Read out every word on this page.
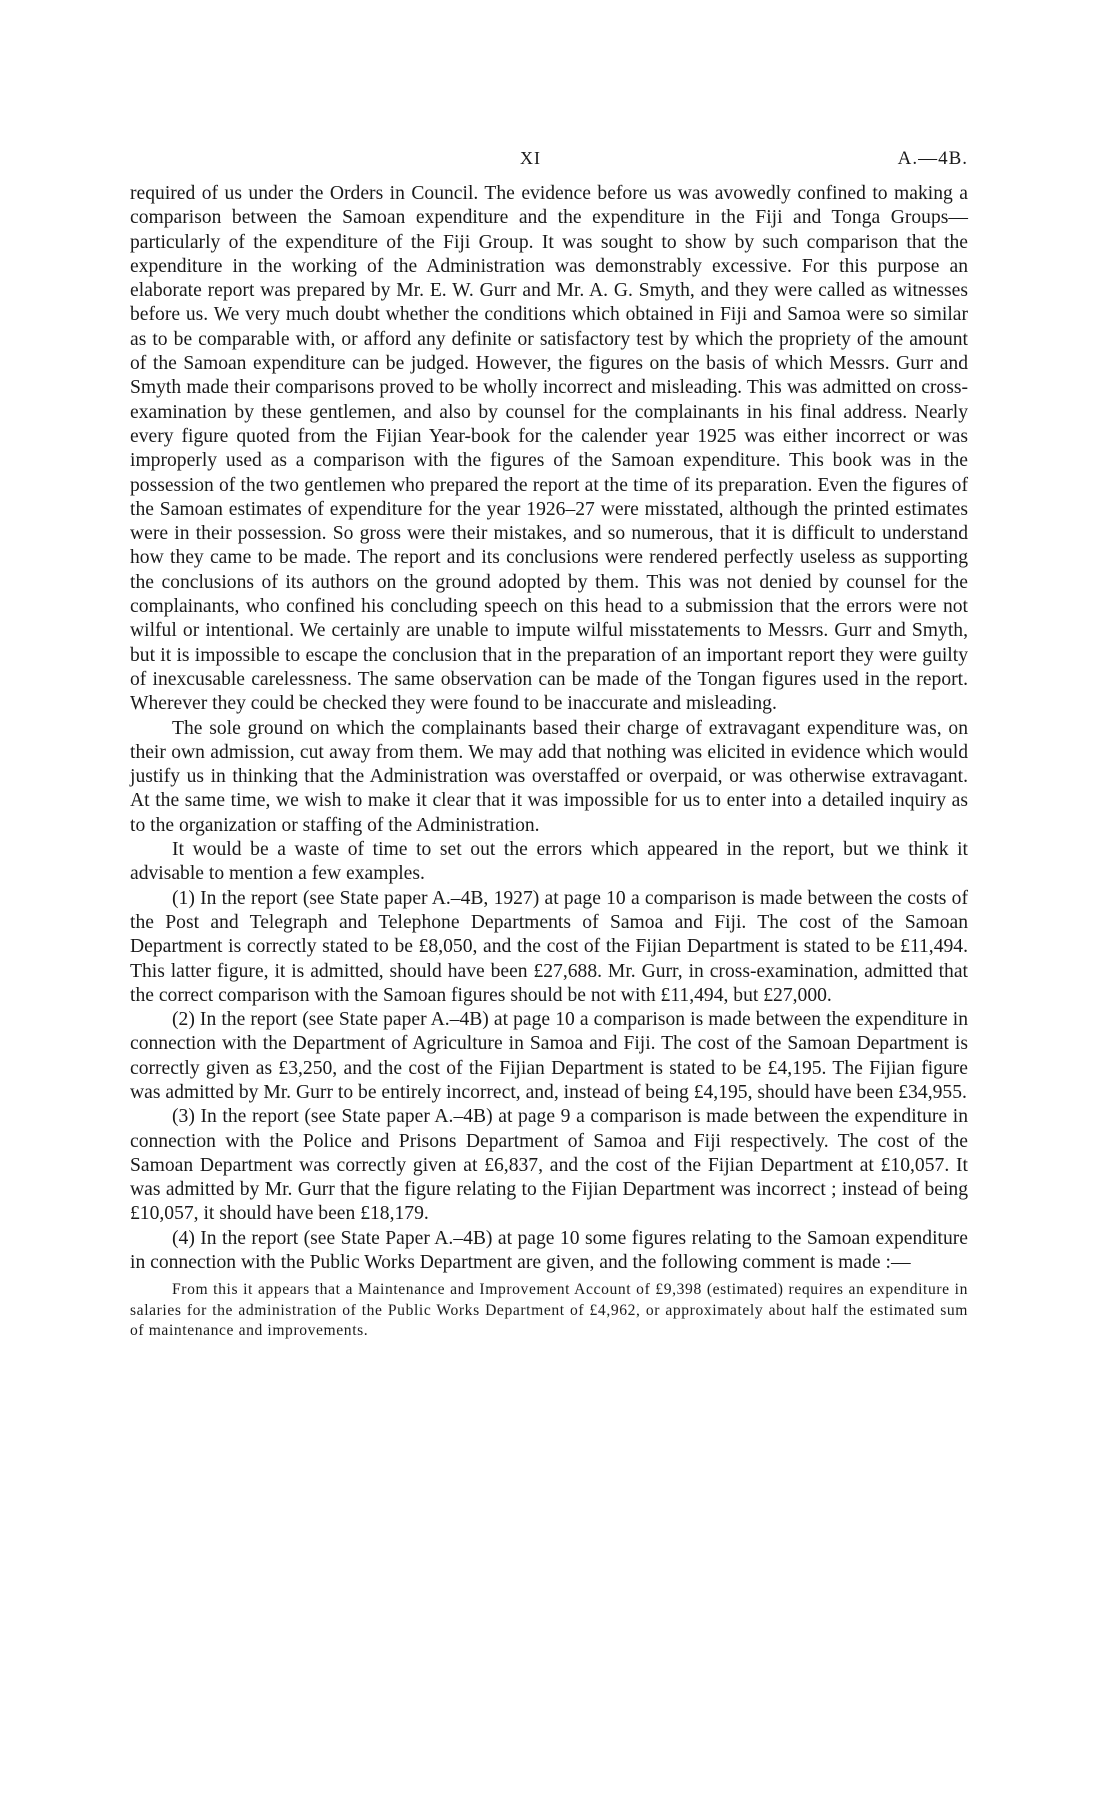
XI	A.—4B.

required of us under the Orders in Council. The evidence before us was avowedly confined to making a comparison between the Samoan expenditure and the expenditure in the Fiji and Tonga Groups—particularly of the expenditure of the Fiji Group. It was sought to show by such comparison that the expenditure in the working of the Administration was demonstrably excessive. For this purpose an elaborate report was prepared by Mr. E. W. Gurr and Mr. A. G. Smyth, and they were called as witnesses before us. We very much doubt whether the conditions which obtained in Fiji and Samoa were so similar as to be comparable with, or afford any definite or satisfactory test by which the propriety of the amount of the Samoan expenditure can be judged. However, the figures on the basis of which Messrs. Gurr and Smyth made their comparisons proved to be wholly incorrect and misleading. This was admitted on cross-examination by these gentlemen, and also by counsel for the complainants in his final address. Nearly every figure quoted from the Fijian Year-book for the calender year 1925 was either incorrect or was improperly used as a comparison with the figures of the Samoan expenditure. This book was in the possession of the two gentlemen who prepared the report at the time of its preparation. Even the figures of the Samoan estimates of expenditure for the year 1926–27 were misstated, although the printed estimates were in their possession. So gross were their mistakes, and so numerous, that it is difficult to understand how they came to be made. The report and its conclusions were rendered perfectly useless as supporting the conclusions of its authors on the ground adopted by them. This was not denied by counsel for the complainants, who confined his concluding speech on this head to a submission that the errors were not wilful or intentional. We certainly are unable to impute wilful misstatements to Messrs. Gurr and Smyth, but it is impossible to escape the conclusion that in the preparation of an important report they were guilty of inexcusable carelessness. The same observation can be made of the Tongan figures used in the report. Wherever they could be checked they were found to be inaccurate and misleading.

The sole ground on which the complainants based their charge of extravagant expenditure was, on their own admission, cut away from them. We may add that nothing was elicited in evidence which would justify us in thinking that the Administration was overstaffed or overpaid, or was otherwise extravagant. At the same time, we wish to make it clear that it was impossible for us to enter into a detailed inquiry as to the organization or staffing of the Administration.

It would be a waste of time to set out the errors which appeared in the report, but we think it advisable to mention a few examples.

(1) In the report (see State paper A.–4B, 1927) at page 10 a comparison is made between the costs of the Post and Telegraph and Telephone Departments of Samoa and Fiji. The cost of the Samoan Department is correctly stated to be £8,050, and the cost of the Fijian Department is stated to be £11,494. This latter figure, it is admitted, should have been £27,688. Mr. Gurr, in cross-examination, admitted that the correct comparison with the Samoan figures should be not with £11,494, but £27,000.

(2) In the report (see State paper A.–4B) at page 10 a comparison is made between the expenditure in connection with the Department of Agriculture in Samoa and Fiji. The cost of the Samoan Department is correctly given as £3,250, and the cost of the Fijian Department is stated to be £4,195. The Fijian figure was admitted by Mr. Gurr to be entirely incorrect, and, instead of being £4,195, should have been £34,955.

(3) In the report (see State paper A.–4B) at page 9 a comparison is made between the expenditure in connection with the Police and Prisons Department of Samoa and Fiji respectively. The cost of the Samoan Department was correctly given at £6,837, and the cost of the Fijian Department at £10,057. It was admitted by Mr. Gurr that the figure relating to the Fijian Department was incorrect ; instead of being £10,057, it should have been £18,179.

(4) In the report (see State Paper A.–4B) at page 10 some figures relating to the Samoan expenditure in connection with the Public Works Department are given, and the following comment is made :—

From this it appears that a Maintenance and Improvement Account of £9,398 (estimated) requires an expenditure in salaries for the administration of the Public Works Department of £4,962, or approximately about half the estimated sum of maintenance and improvements.
